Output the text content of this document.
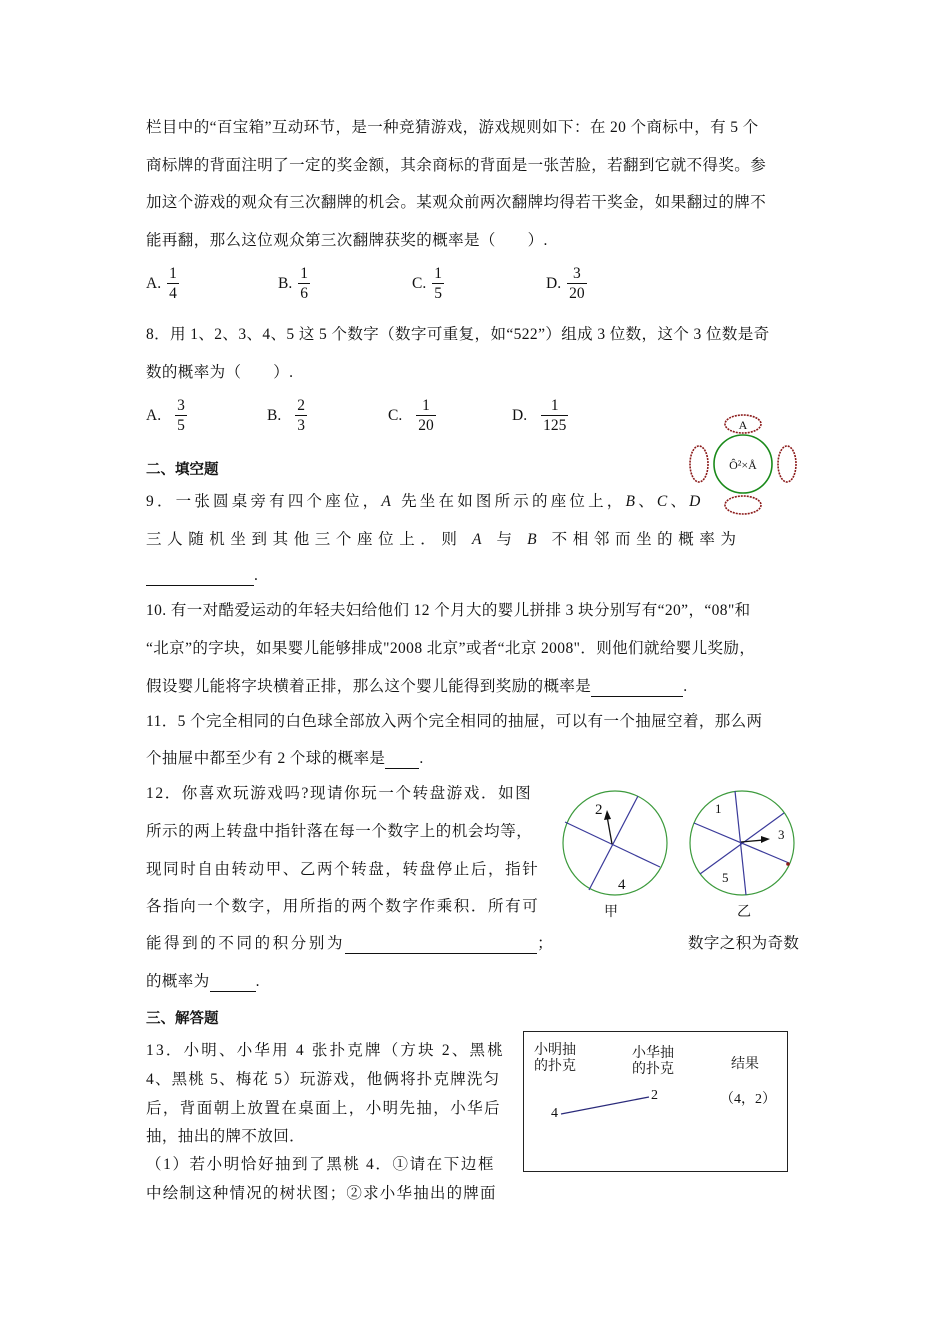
栏目中的“百宝箱”互动环节，是一种竞猜游戏，游戏规则如下：在 20 个商标中，有 5 个
商标牌的背面注明了一定的奖金额，其余商标的背面是一张苦脸，若翻到它就不得奖。参
加这个游戏的观众有三次翻牌的机会。某观众前两次翻牌均得若干奖金，如果翻过的牌不
能再翻，那么这位观众第三次翻牌获奖的概率是（　　）.
A. $\frac{1}{4}$	B. $\frac{1}{6}$	C. $\frac{1}{5}$	D. $\frac{3}{20}$
8．用 1、2、3、4、5 这 5 个数字（数字可重复，如“522”）组成 3 位数，这个 3 位数是奇
数的概率为（　　）.
A. $\frac{3}{5}$	B. $\frac{2}{3}$	C. $\frac{1}{20}$	D. $\frac{1}{125}$	A
Ô²×Å
二、填空题
9．一张圆桌旁有四个座位，A 先坐在如图所示的座位上，B、C、D
三人随机坐到其他三个座位上．则 A 与 B 不相邻而坐的概率为
.
10. 有一对酷爱运动的年轻夫妇给他们 12 个月大的婴儿拼排 3 块分别写有“20”，“08"和
“北京”的字块，如果婴儿能够排成"2008 北京”或者“北京 2008"．则他们就给婴儿奖励，
假设婴儿能将字块横着正排，那么这个婴儿能得到奖励的概率是	.
11．5 个完全相同的白色球全部放入两个完全相同的抽屉，可以有一个抽屉空着，那么两
个抽屉中都至少有 2 个球的概率是 .
12．你喜欢玩游戏吗?现请你玩一个转盘游戏．如图
所示的两上转盘中指针落在每一个数字上的机会均等，
现同时自由转动甲、乙两个转盘，转盘停止后，指针
各指向一个数字，用所指的两个数字作乘积．所有可
能得到的不同的积分别为	；	数字之积为奇数
的概率为	.
2
4
甲
1
3
5
乙
三、解答题
13．小明、小华用 4 张扑克牌（方块 2、黑桃
4、黑桃 5、梅花 5）玩游戏，他俩将扑克牌洗匀
后，背面朝上放置在桌面上，小明先抽，小华后
抽，抽出的牌不放回．
（1）若小明恰好抽到了黑桃 4．①请在下边框
中绘制这种情况的树状图；②求小华抽出的牌面
小明抽
的扑克
小华抽
的扑克	结果
4
2	（4，2）
